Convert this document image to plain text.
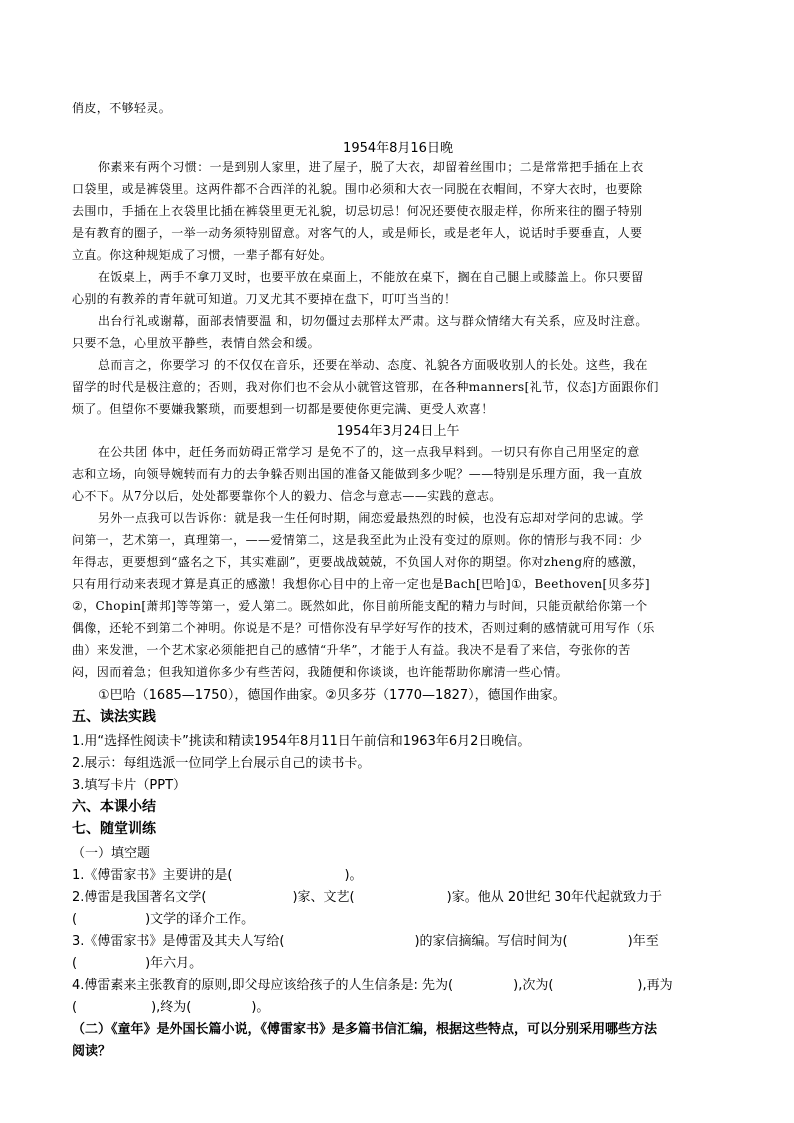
俏皮，不够轻灵。
1954年8月16日晚
你素来有两个习惯：一是到别人家里，进了屋子，脱了大衣，却留着丝围巾；二是常常把手插在上衣
口袋里，或是裤袋里。这两件都不合西洋的礼貌。围巾必须和大衣一同脱在衣帽间，不穿大衣时，也要除
去围巾，手插在上衣袋里比插在裤袋里更无礼貌，切忌切忌！何况还要使衣服走样，你所来往的圈子特别
是有教育的圈子，一举一动务须特别留意。对客气的人，或是师长，或是老年人，说话时手要垂直，人要
立直。你这种规矩成了习惯，一辈子都有好处。
在饭桌上，两手不拿刀叉时，也要平放在桌面上，不能放在桌下，搁在自己腿上或膝盖上。你只要留
心别的有教养的青年就可知道。刀叉尤其不要掉在盘下，叮叮当当的！
出台行礼或谢幕，面部表情要温 和，切勿僵过去那样太严肃。这与群众情绪大有关系，应及时注意。
只要不急，心里放平静些，表情自然会和缓。
总而言之，你要学习 的不仅仅在音乐，还要在举动、态度、礼貌各方面吸收别人的长处。这些，我在
留学的时代是极注意的；否则，我对你们也不会从小就管这管那，在各种manners[礼节，仪态]方面跟你们
烦了。但望你不要嫌我繁琐，而要想到一切都是要使你更完满、更受人欢喜！
1954年3月24日上午
在公共团 体中，赶任务而妨碍正常学习 是免不了的，这一点我早料到。一切只有你自己用坚定的意
志和立场，向领导婉转而有力的去争躲否则出国的准备又能做到多少呢？——特别是乐理方面，我一直放
心不下。从7分以后，处处都要靠你个人的毅力、信念与意志——实践的意志。
另外一点我可以告诉你：就是我一生任何时期，闹恋爱最热烈的时候，也没有忘却对学问的忠诚。学
问第一，艺术第一，真理第一，——爱情第二，这是我至此为止没有变过的原则。你的情形与我不同：少
年得志，更要想到“盛名之下，其实难副”，更要战战兢兢，不负国人对你的期望。你对zheng府的感激，
只有用行动来表现才算是真正的感激！我想你心目中的上帝一定也是Bach[巴哈]①，Beethoven[贝多芬]
②，Chopin[萧邦]等等第一，爱人第二。既然如此，你目前所能支配的精力与时间，只能贡献给你第一个
偶像，还轮不到第二个神明。你说是不是？可惜你没有早学好写作的技术，否则过剩的感情就可用写作（乐
曲）来发泄，一个艺术家必须能把自己的感情“升华”，才能于人有益。我决不是看了来信，夸张你的苦
闷，因而着急；但我知道你多少有些苦闷，我随便和你谈谈，也许能帮助你廓清一些心情。
①巴哈（1685—1750），德国作曲家。②贝多芬（1770—1827），德国作曲家。
五、读法实践
1.用“选择性阅读卡”挑读和精读1954年8月11日午前信和1963年6月2日晚信。
2.展示：每组选派一位同学上台展示自己的读书卡。
3.填写卡片（PPT）
六、本课小结
七、随堂训练
（一）填空题
1.《傅雷家书》主要讲的是(	)。
2.傅雷是我国著名文学(	)家、文艺(	)家。他从 20世纪 30年代起就致力于
(	)文学的译介工作。
3.《傅雷家书》是傅雷及其夫人写给(	)的家信摘编。写信时间为(	)年至
(	)年六月。
4.傅雷素来主张教育的原则,即父母应该给孩子的人生信条是: 先为(	),次为(	),再为
(	),终为(	)。
（二）《童年》是外国长篇小说，《傅雷家书》是多篇书信汇编，根据这些特点，可以分别采用哪些方法
阅读？
